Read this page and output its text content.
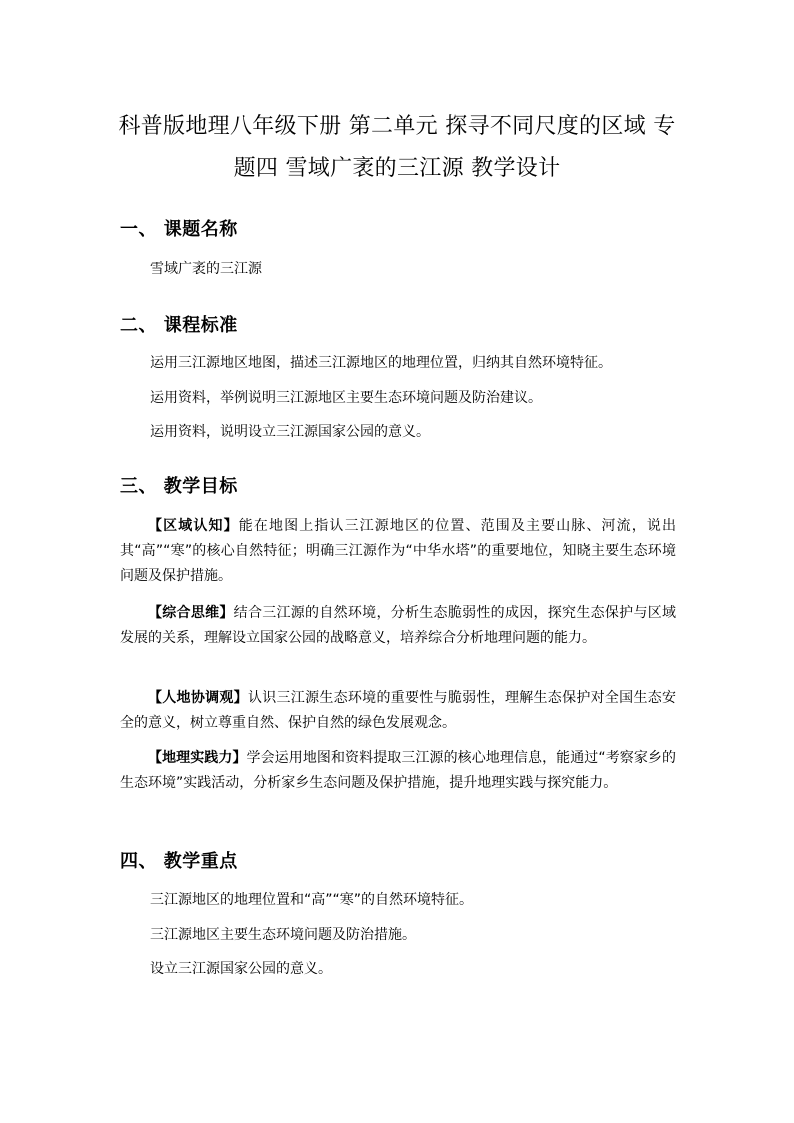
科普版地理八年级下册 第二单元 探寻不同尺度的区域 专题四 雪域广袤的三江源 教学设计
一、 课题名称
雪域广袤的三江源
二、 课程标准
运用三江源地区地图，描述三江源地区的地理位置，归纳其自然环境特征。
运用资料，举例说明三江源地区主要生态环境问题及防治建议。
运用资料，说明设立三江源国家公园的意义。
三、 教学目标
【区域认知】能在地图上指认三江源地区的位置、范围及主要山脉、河流，说出其“高”“寒”的核心自然特征；明确三江源作为“中华水塔”的重要地位，知晓主要生态环境问题及保护措施。
【综合思维】结合三江源的自然环境，分析生态脆弱性的成因，探究生态保护与区域发展的关系，理解设立国家公园的战略意义，培养综合分析地理问题的能力。
【人地协调观】认识三江源生态环境的重要性与脆弱性，理解生态保护对全国生态安全的意义，树立尊重自然、保护自然的绿色发展观念。
【地理实践力】学会运用地图和资料提取三江源的核心地理信息，能通过“考察家乡的生态环境”实践活动，分析家乡生态问题及保护措施，提升地理实践与探究能力。
四、 教学重点
三江源地区的地理位置和“高”“寒”的自然环境特征。
三江源地区主要生态环境问题及防治措施。
设立三江源国家公园的意义。
